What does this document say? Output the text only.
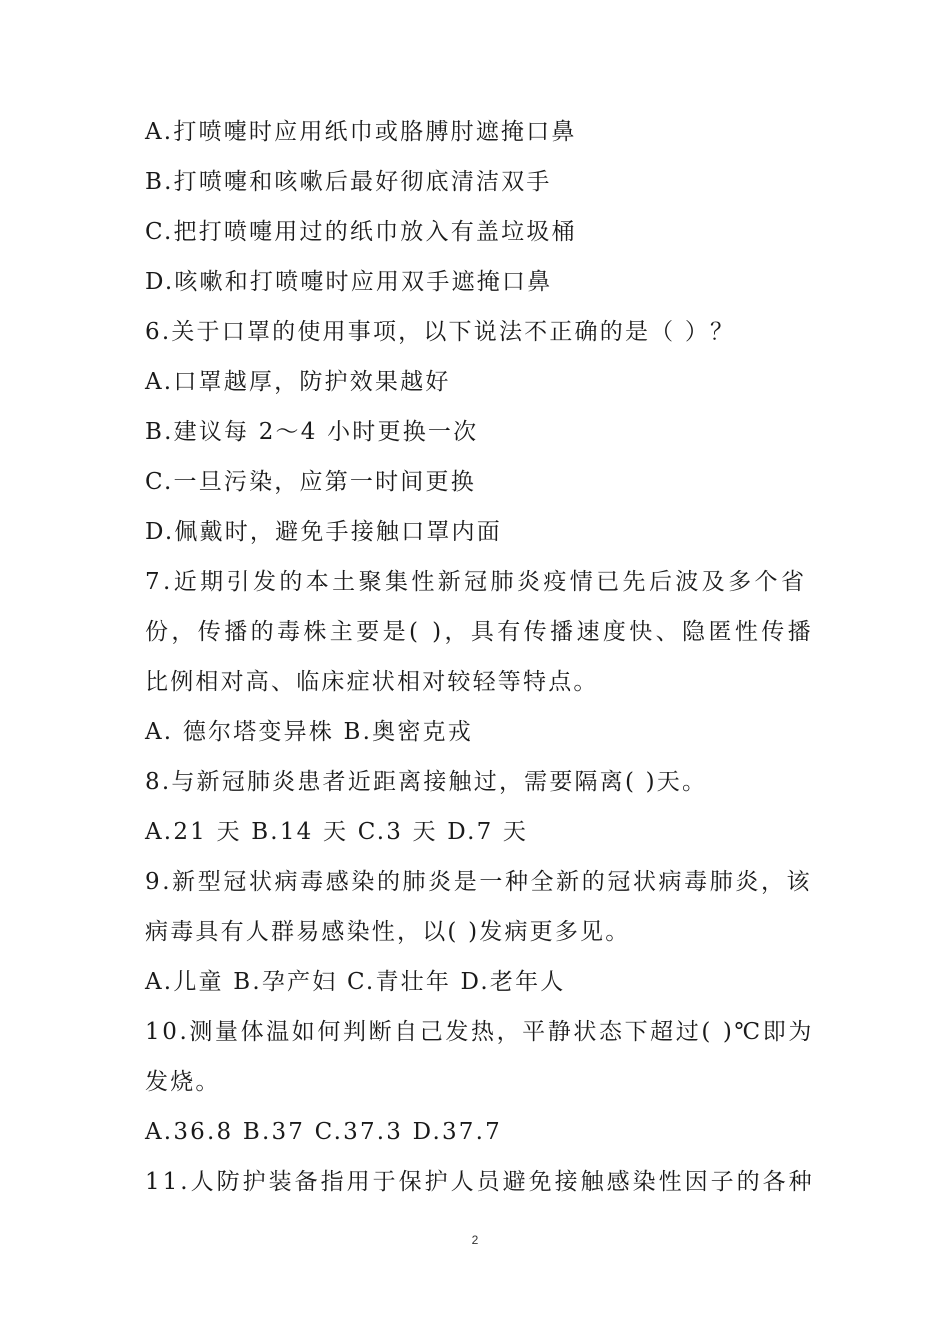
A.打喷嚏时应用纸巾或胳膊肘遮掩口鼻
B.打喷嚏和咳嗽后最好彻底清洁双手
C.把打喷嚏用过的纸巾放入有盖垃圾桶
D.咳嗽和打喷嚏时应用双手遮掩口鼻
6.关于口罩的使用事项，以下说法不正确的是（ ）？
A.口罩越厚，防护效果越好
B.建议每 2～4 小时更换一次
C.一旦污染，应第一时间更换
D.佩戴时，避免手接触口罩内面
7.近期引发的本土聚集性新冠肺炎疫情已先后波及多个省
份，传播的毒株主要是( )，具有传播速度快、隐匿性传播
比例相对高、临床症状相对较轻等特点。
A. 德尔塔变异株 B.奥密克戎
8.与新冠肺炎患者近距离接触过，需要隔离( )天。
A.21 天 B.14 天 C.3 天 D.7 天
9.新型冠状病毒感染的肺炎是一种全新的冠状病毒肺炎，该
病毒具有人群易感染性，以( )发病更多见。
A.儿童 B.孕产妇 C.青壮年 D.老年人
10.测量体温如何判断自己发热，平静状态下超过( )℃即为
发烧。
A.36.8 B.37 C.37.3 D.37.7
11.人防护装备指用于保护人员避免接触感染性因子的各种
2
